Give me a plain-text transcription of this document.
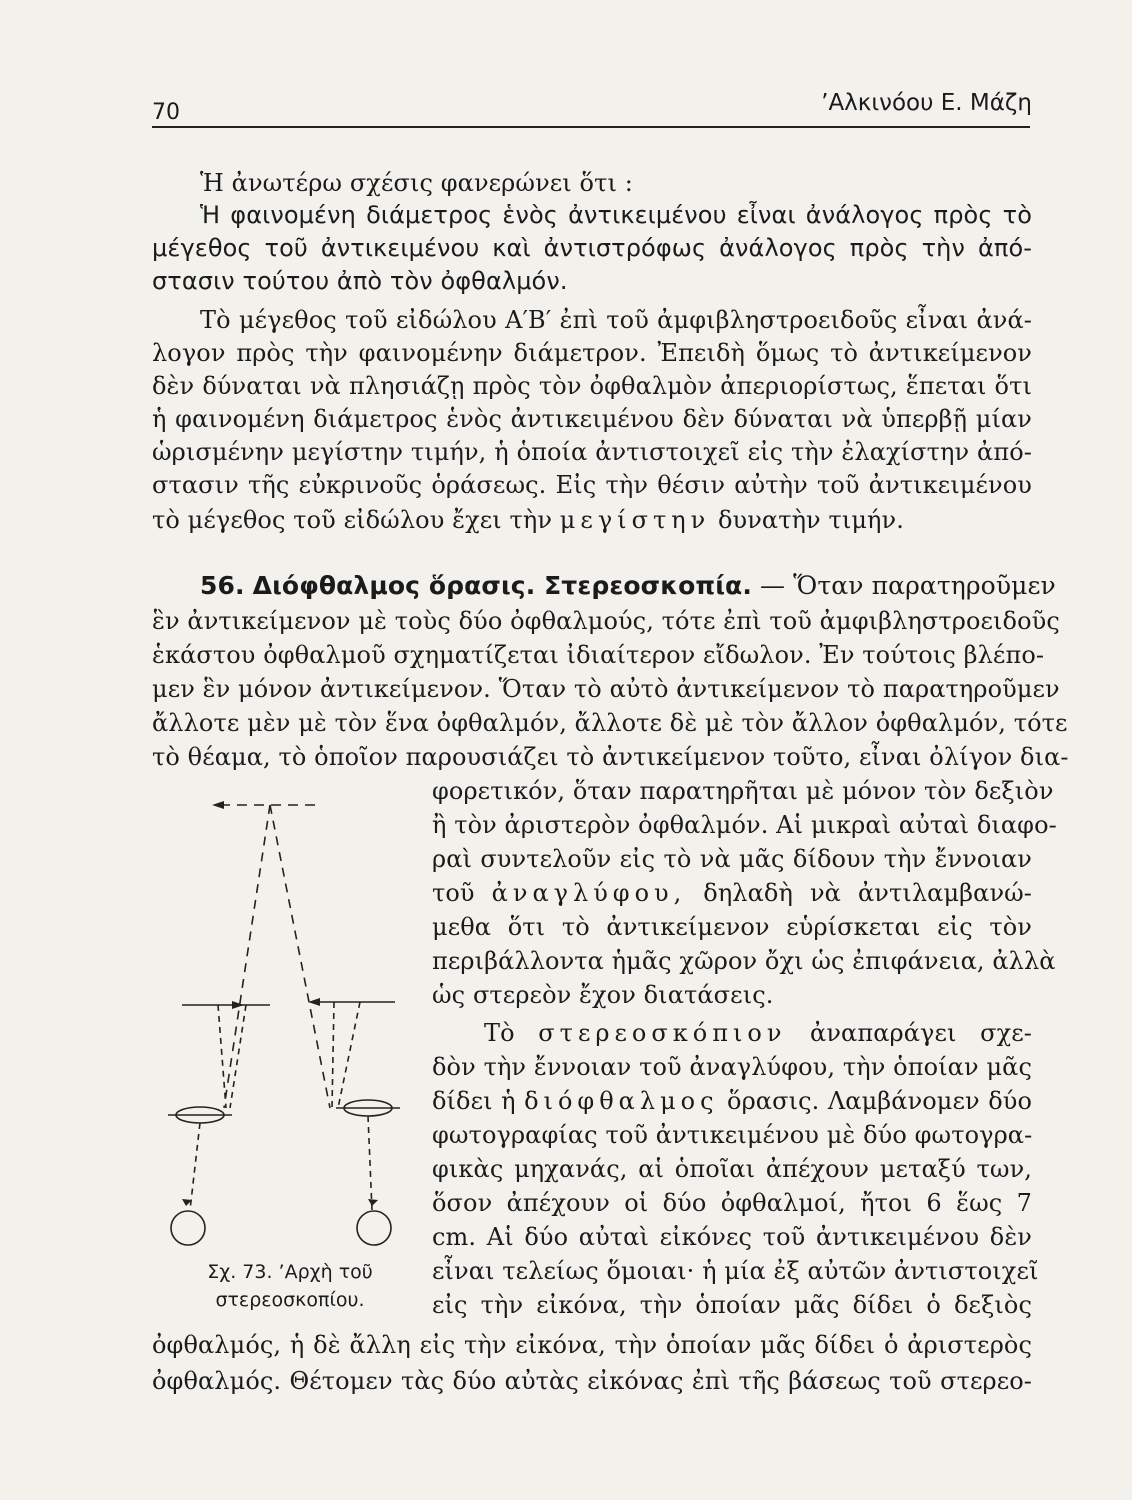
70	’Αλκινόου Ε. Μάζη
Ἡ ἀνωτέρω σχέσις φανερώνει ὅτι :
Ἡ φαινομένη διάμετρος ἑνὸς ἀντικειμένου εἶναι ἀνάλογος πρὸς τὸ
μέγεθος τοῦ ἀντικειμένου καὶ ἀντιστρόφως ἀνάλογος πρὸς τὴν ἀπό-
στασιν τούτου ἀπὸ τὸν ὀφθαλμόν.
Τὸ μέγεθος τοῦ εἰδώλου Α′Β′ ἐπὶ τοῦ ἀμφιβληστροειδοῦς εἶναι ἀνά-
λογον πρὸς τὴν φαινομένην διάμετρον. Ἐπειδὴ ὅμως τὸ ἀντικείμενον
δὲν δύναται νὰ πλησιάζῃ πρὸς τὸν ὀφθαλμὸν ἀπεριορίστως, ἕπεται ὅτι
ἡ φαινομένη διάμετρος ἑνὸς ἀντικειμένου δὲν δύναται νὰ ὑπερβῇ μίαν
ὡρισμένην μεγίστην τιμήν, ἡ ὁποία ἀντιστοιχεῖ εἰς τὴν ἐλαχίστην ἀπό-
στασιν τῆς εὐκρινοῦς ὁράσεως. Εἰς τὴν θέσιν αὐτὴν τοῦ ἀντικειμένου
τὸ μέγεθος τοῦ εἰδώλου ἔχει τὴν μεγίστην δυνατὴν τιμήν.
56. Διόφθαλμος ὅρασις. Στερεοσκοπία. — Ὅταν παρατηροῦμεν
ἓν ἀντικείμενον μὲ τοὺς δύο ὀφθαλμούς, τότε ἐπὶ τοῦ ἀμφιβληστροειδοῦς
ἑκάστου ὀφθαλμοῦ σχηματίζεται ἰδιαίτερον εἴδωλον. Ἐν τούτοις βλέπο-
μεν ἓν μόνον ἀντικείμενον. Ὅταν τὸ αὐτὸ ἀντικείμενον τὸ παρατηροῦμεν
ἄλλοτε μὲν μὲ τὸν ἕνα ὀφθαλμόν, ἄλλοτε δὲ μὲ τὸν ἄλλον ὀφθαλμόν, τότε
τὸ θέαμα, τὸ ὁποῖον παρουσιάζει τὸ ἀντικείμενον τοῦτο, εἶναι ὀλίγον δια-
φορετικόν, ὅταν παρατηρῆται μὲ μόνον τὸν δεξιὸν
ἢ τὸν ἀριστερὸν ὀφθαλμόν. Αἱ μικραὶ αὐταὶ διαφο-
ραὶ συντελοῦν εἰς τὸ νὰ μᾶς δίδουν τὴν ἔννοιαν
τοῦ ἀναγλύφου, δηλαδὴ νὰ ἀντιλαμβανώ-
μεθα ὅτι τὸ ἀντικείμενον εὑρίσκεται εἰς τὸν
περιβάλλοντα ἡμᾶς χῶρον ὄχι ὡς ἐπιφάνεια, ἀλλὰ
ὡς στερεὸν ἔχον διατάσεις.
Τὸ στερεοσκόπιον ἀναπαράγει σχε-
δὸν τὴν ἔννοιαν τοῦ ἀναγλύφου, τὴν ὁποίαν μᾶς
δίδει ἡ διόφθαλμος ὅρασις. Λαμβάνομεν δύο
φωτογραφίας τοῦ ἀντικειμένου μὲ δύο φωτογρα-
φικὰς μηχανάς, αἱ ὁποῖαι ἀπέχουν μεταξύ των,
ὅσον ἀπέχουν οἱ δύο ὀφθαλμοί, ἤτοι 6 ἕως 7
cm. Αἱ δύο αὐταὶ εἰκόνες τοῦ ἀντικειμένου δὲν
εἶναι τελείως ὅμοιαι· ἡ μία ἐξ αὐτῶν ἀντιστοιχεῖ
εἰς τὴν εἰκόνα, τὴν ὁποίαν μᾶς δίδει ὁ δεξιὸς
ὀφθαλμός, ἡ δὲ ἄλλη εἰς τὴν εἰκόνα, τὴν ὁποίαν μᾶς δίδει ὁ ἀριστερὸς
ὀφθαλμός. Θέτομεν τὰς δύο αὐτὰς εἰκόνας ἐπὶ τῆς βάσεως τοῦ στερεο-
Σχ. 73. ’Αρχὴ τοῦ
στερεοσκοπίου.
